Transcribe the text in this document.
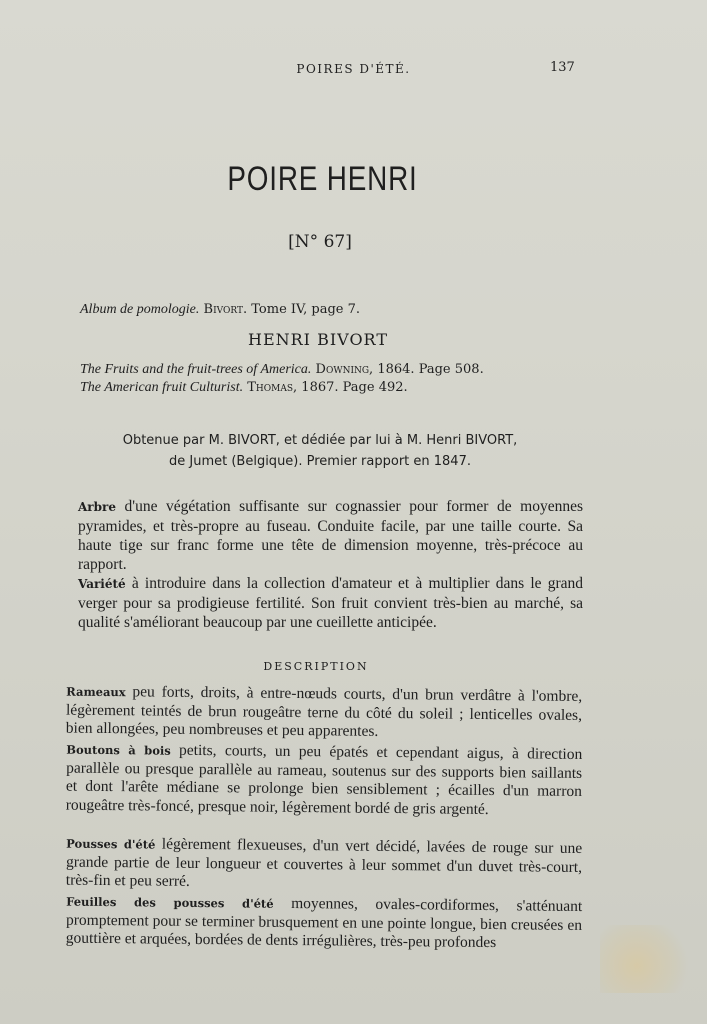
POIRES D'ÉTÉ.	137
POIRE HENRI
[N° 67]
Album de pomologie. Bivort. Tome IV, page 7.
HENRI BIVORT
The Fruits and the fruit-trees of America. Downing, 1864. Page 508.
The American fruit Culturist. Thomas, 1867. Page 492.
Obtenue par M. BIVORT, et dédiée par lui à M. Henri BIVORT,
de Jumet (Belgique). Premier rapport en 1847.
Arbre d'une végétation suffisante sur cognassier pour former de moyennes pyramides, et très-propre au fuseau. Conduite facile, par une taille courte. Sa haute tige sur franc forme une tête de dimension moyenne, très-précoce au rapport.
Variété à introduire dans la collection d'amateur et à multiplier dans le grand verger pour sa prodigieuse fertilité. Son fruit convient très-bien au marché, sa qualité s'améliorant beaucoup par une cueillette anticipée.
DESCRIPTION
Rameaux peu forts, droits, à entre-nœuds courts, d'un brun verdâtre à l'ombre, légèrement teintés de brun rougeâtre terne du côté du soleil ; lenticelles ovales, bien allongées, peu nombreuses et peu apparentes.
Boutons à bois petits, courts, un peu épatés et cependant aigus, à direction parallèle ou presque parallèle au rameau, soutenus sur des supports bien saillants et dont l'arête médiane se prolonge bien sensiblement ; écailles d'un marron rougeâtre très-foncé, presque noir, légèrement bordé de gris argenté.
Pousses d'été légèrement flexueuses, d'un vert décidé, lavées de rouge sur une grande partie de leur longueur et couvertes à leur sommet d'un duvet très-court, très-fin et peu serré.
Feuilles des pousses d'été moyennes, ovales-cordiformes, s'atténuant promptement pour se terminer brusquement en une pointe longue, bien creusées en gouttière et arquées, bordées de dents irrégulières, très-peu profondes
